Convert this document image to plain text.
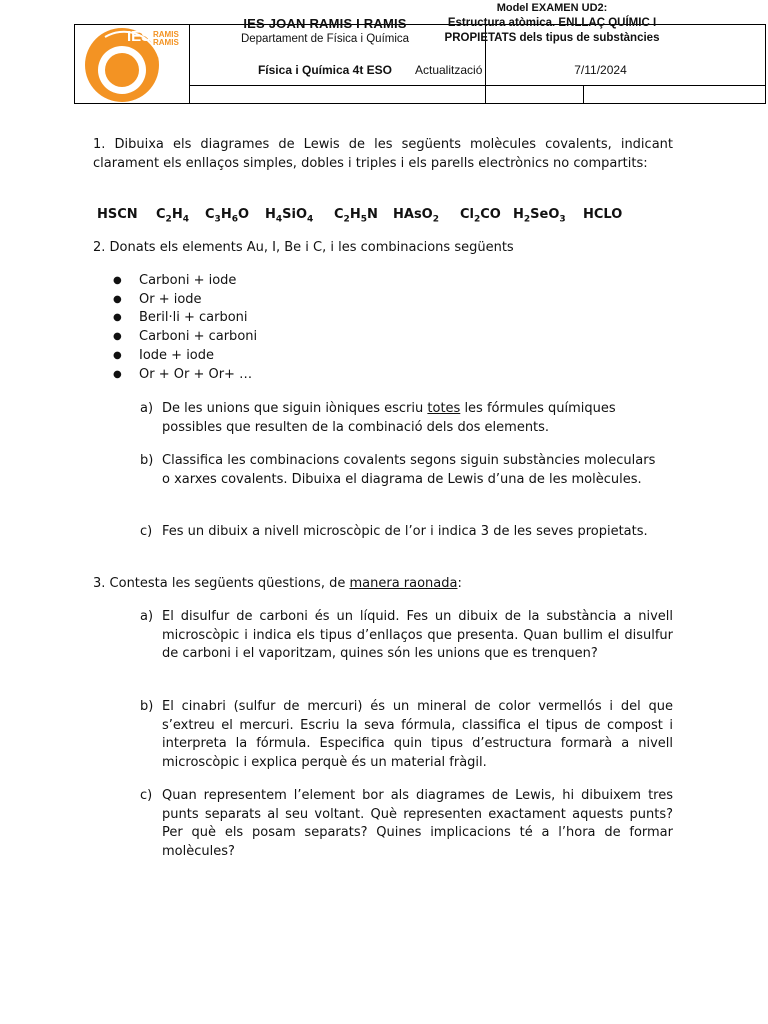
IES RAMIS
RAMIS
IES JOAN RAMIS I RAMIS
Departament de Física i Química
Model EXAMEN UD2:
Estructura atòmica. ENLLAÇ QUÍMIC I
PROPIETATS dels tipus de substàncies
Física i Química 4t ESO	Actualització	7/11/2024
1. Dibuixa els diagrames de Lewis de les següents molècules covalents, indicant clarament els enllaços simples, dobles i triples i els parells electrònics no compartits:
HSCN $C_2H_4$ $C_3H_6O$ $H_4SiO_4$ $C_2H_5N$ HAsO$_2$ $Cl_2CO$ $H_2SeO_3$ HCLO
2. Donats els elements Au, I, Be i C, i les combinacions següents
● Carboni + iode
● Or + iode
● Beril·li + carboni
● Carboni + carboni
● Iode + iode
● Or + Or + Or+ …
a) De les unions que siguin iòniques escriu totes les fórmules químiques possibles que resulten de la combinació dels dos elements.
b) Classifica les combinacions covalents segons siguin substàncies moleculars o xarxes covalents. Dibuixa el diagrama de Lewis d’una de les molècules.
c) Fes un dibuix a nivell microscòpic de l’or i indica 3 de les seves propietats.
3. Contesta les següents qüestions, de manera raonada:
a) El disulfur de carboni és un líquid. Fes un dibuix de la substància a nivell microscòpic i indica els tipus d’enllaços que presenta. Quan bullim el disulfur de carboni i el vaporitzam, quines són les unions que es trenquen?
b) El cinabri (sulfur de mercuri) és un mineral de color vermellós i del que s’extreu el mercuri. Escriu la seva fórmula, classifica el tipus de compost i interpreta la fórmula. Especifica quin tipus d’estructura formarà a nivell microscòpic i explica perquè és un material fràgil.
c) Quan representem l’element bor als diagrames de Lewis, hi dibuixem tres punts separats al seu voltant. Què representen exactament aquests punts? Per què els posam separats? Quines implicacions té a l’hora de formar molècules?
